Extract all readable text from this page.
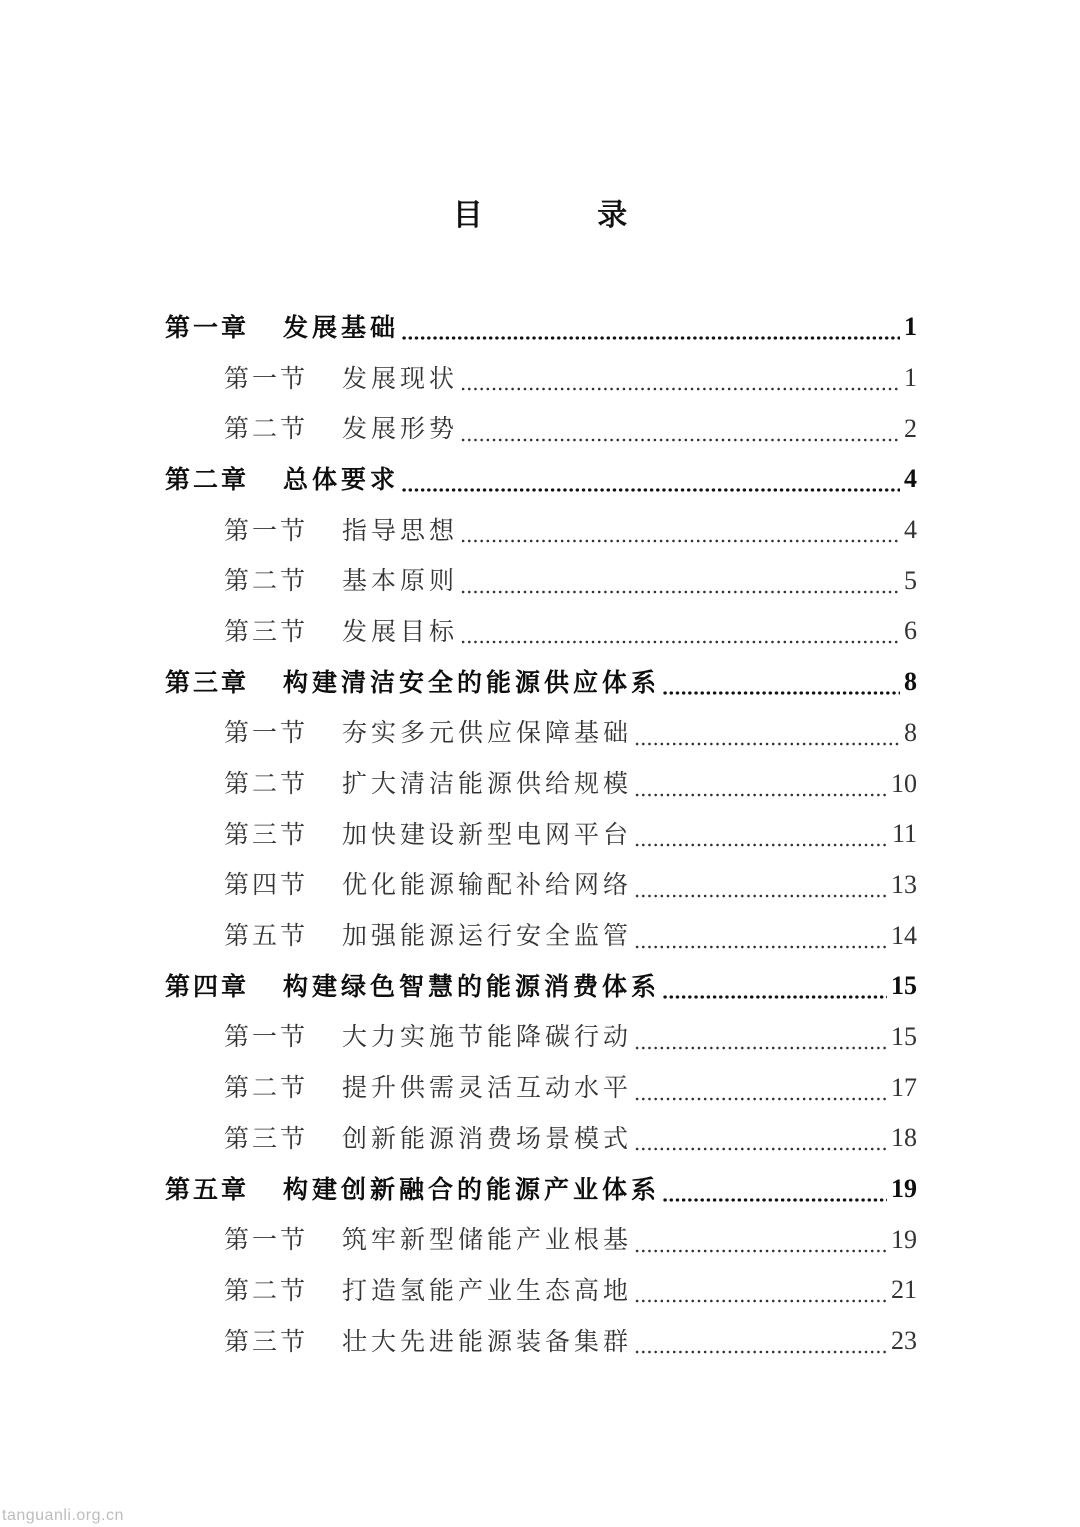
目 录
第一章 发展基础	1
第一节 发展现状	1
第二节 发展形势	2
第二章 总体要求	4
第一节 指导思想	4
第二节 基本原则	5
第三节 发展目标	6
第三章 构建清洁安全的能源供应体系	8
第一节 夯实多元供应保障基础	8
第二节 扩大清洁能源供给规模	10
第三节 加快建设新型电网平台	11
第四节 优化能源输配补给网络	13
第五节 加强能源运行安全监管	14
第四章 构建绿色智慧的能源消费体系	15
第一节 大力实施节能降碳行动	15
第二节 提升供需灵活互动水平	17
第三节 创新能源消费场景模式	18
第五章 构建创新融合的能源产业体系	19
第一节 筑牢新型储能产业根基	19
第二节 打造氢能产业生态高地	21
第三节 壮大先进能源装备集群	23
tanguanli.org.cn
